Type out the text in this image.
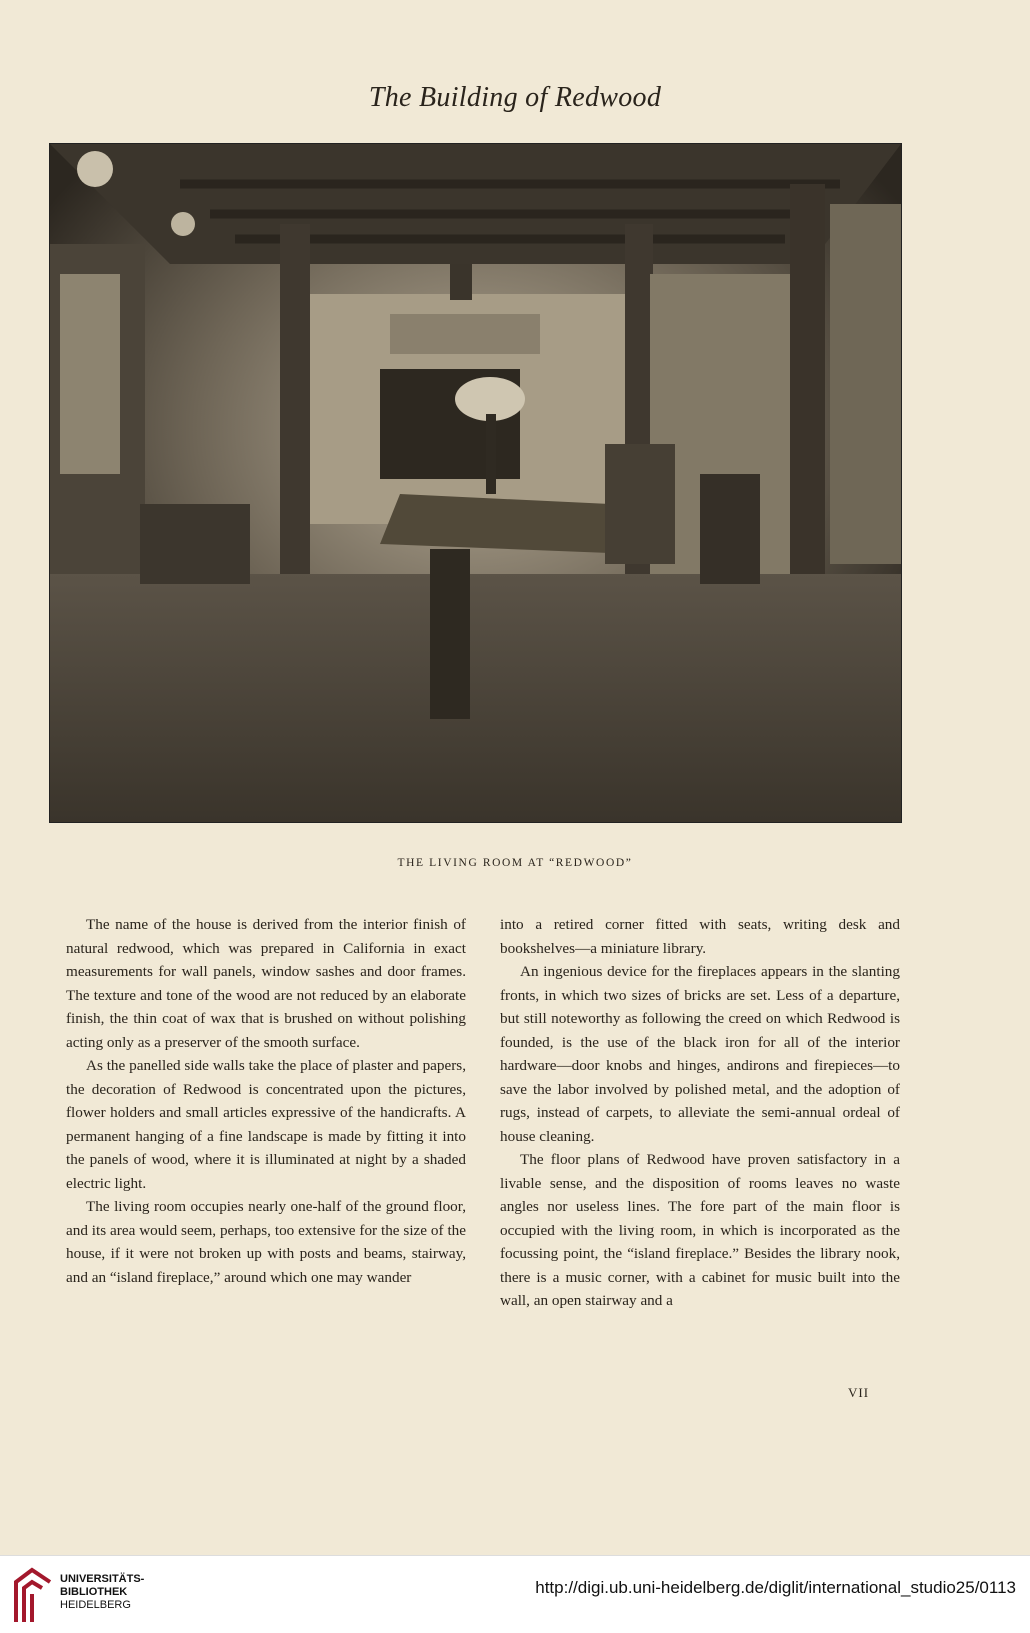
The Building of Redwood
THE LIVING ROOM AT “REDWOOD”

The name of the house is derived from the interior finish of natural redwood, which was prepared in California in exact measurements for wall panels, window sashes and door frames. The texture and tone of the wood are not reduced by an elaborate finish, the thin coat of wax that is brushed on without polishing acting only as a preserver of the smooth surface.

As the panelled side walls take the place of plaster and papers, the decoration of Redwood is concentrated upon the pictures, flower holders and small articles expressive of the handicrafts. A permanent hanging of a fine landscape is made by fitting it into the panels of wood, where it is illuminated at night by a shaded electric light.

The living room occupies nearly one-half of the ground floor, and its area would seem, perhaps, too extensive for the size of the house, if it were not broken up with posts and beams, stairway, and an “island fireplace,” around which one may wander

into a retired corner fitted with seats, writing desk and bookshelves—a miniature library.

An ingenious device for the fireplaces appears in the slanting fronts, in which two sizes of bricks are set. Less of a departure, but still noteworthy as following the creed on which Redwood is founded, is the use of the black iron for all of the interior hardware—door knobs and hinges, andirons and firepieces—to save the labor involved by polished metal, and the adoption of rugs, instead of carpets, to alleviate the semi-annual ordeal of house cleaning.

The floor plans of Redwood have proven satisfactory in a livable sense, and the disposition of rooms leaves no waste angles nor useless lines. The fore part of the main floor is occupied with the living room, in which is incorporated as the focussing point, the “island fireplace.” Besides the library nook, there is a music corner, with a cabinet for music built into the wall, an open stairway and a

VII
UNIVERSITÄTS-
BIBLIOTHEK
HEIDELBERG
http://digi.ub.uni-heidelberg.de/diglit/international_studio25/0113
